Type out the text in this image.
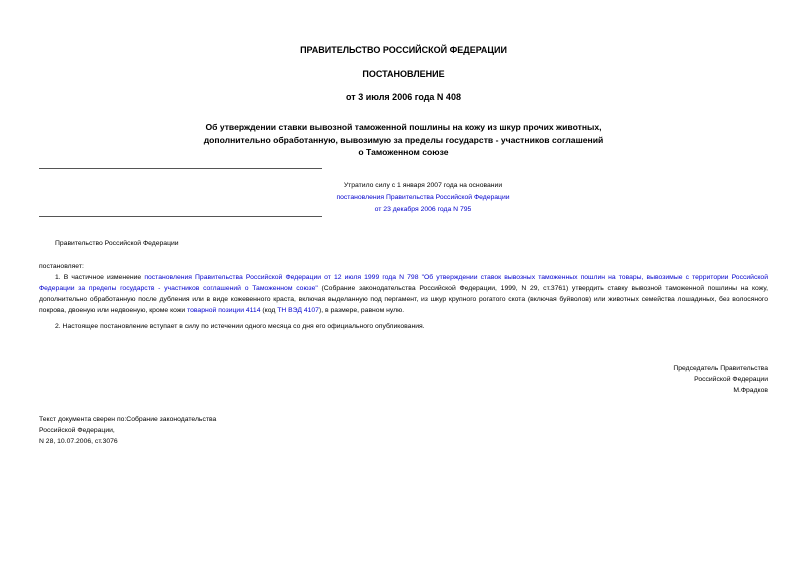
ПРАВИТЕЛЬСТВО РОССИЙСКОЙ ФЕДЕРАЦИИ
ПОСТАНОВЛЕНИЕ
от 3 июля 2006 года N 408
Об утверждении ставки вывозной таможенной пошлины на кожу из шкур прочих животных,
дополнительно обработанную, вывозимую за пределы государств - участников соглашений
о Таможенном союзе
Утратило силу с 1 января 2007 года на основании
постановления Правительства Российской Федерации
от 23 декабря 2006 года N 795
Правительство Российской Федерации
постановляет:
1. В частичное изменение постановления Правительства Российской Федерации от 12 июля 1999 года N 798 "Об утверждении ставок вывозных таможенных пошлин на товары, вывозимые с территории Российской Федерации за пределы государств - участников соглашений о Таможенном союзе" (Собрание законодательства Российской Федерации, 1999, N 29, ст.3761) утвердить ставку вывозной таможенной пошлины на кожу, дополнительно обработанную после дубления или в виде кожевенного краста, включая выделанную под пергамент, из шкур крупного рогатого скота (включая буйволов) или животных семейства лошадиных, без волосяного покрова, двоеную или недвоеную, кроме кожи товарной позиции 4114 (код ТН ВЭД 4107), в размере, равном нулю.
2. Настоящее постановление вступает в силу по истечении одного месяца со дня его официального опубликования.
Председатель Правительства
Российской Федерации
М.Фрадков
Текст документа сверен по:Собрание законодательства
Российской Федерации,
N 28, 10.07.2006, ст.3076
